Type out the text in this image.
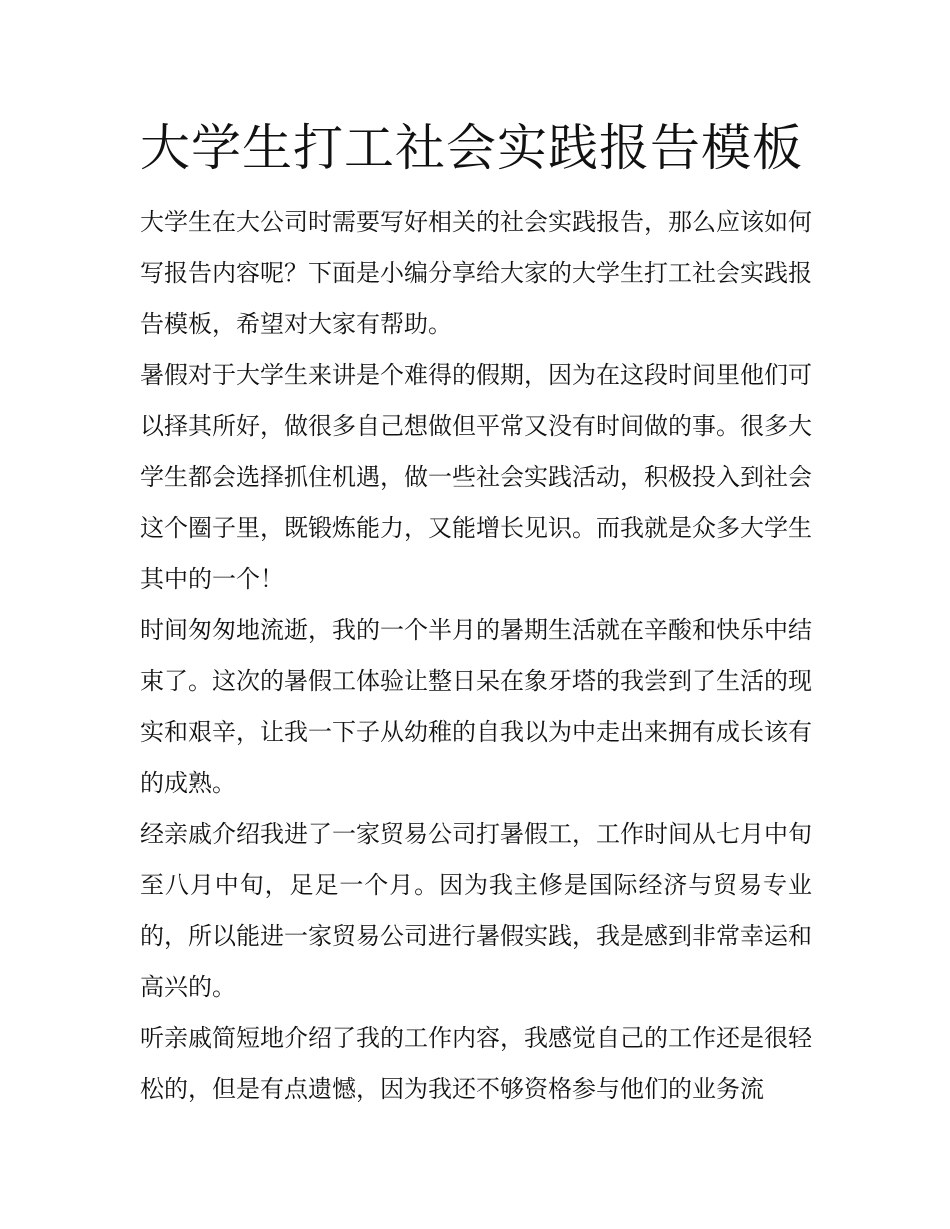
大学生打工社会实践报告模板

大学生在大公司时需要写好相关的社会实践报告，那么应该如何写报告内容呢？下面是小编分享给大家的大学生打工社会实践报告模板，希望对大家有帮助。

暑假对于大学生来讲是个难得的假期，因为在这段时间里他们可以择其所好，做很多自己想做但平常又没有时间做的事。很多大学生都会选择抓住机遇，做一些社会实践活动，积极投入到社会这个圈子里，既锻炼能力，又能增长见识。而我就是众多大学生其中的一个！

时间匆匆地流逝，我的一个半月的暑期生活就在辛酸和快乐中结束了。这次的暑假工体验让整日呆在象牙塔的我尝到了生活的现实和艰辛，让我一下子从幼稚的自我以为中走出来拥有成长该有的成熟。

经亲戚介绍我进了一家贸易公司打暑假工，工作时间从七月中旬至八月中旬，足足一个月。因为我主修是国际经济与贸易专业的，所以能进一家贸易公司进行暑假实践，我是感到非常幸运和高兴的。

听亲戚简短地介绍了我的工作内容，我感觉自己的工作还是很轻松的，但是有点遗憾，因为我还不够资格参与他们的业务流
